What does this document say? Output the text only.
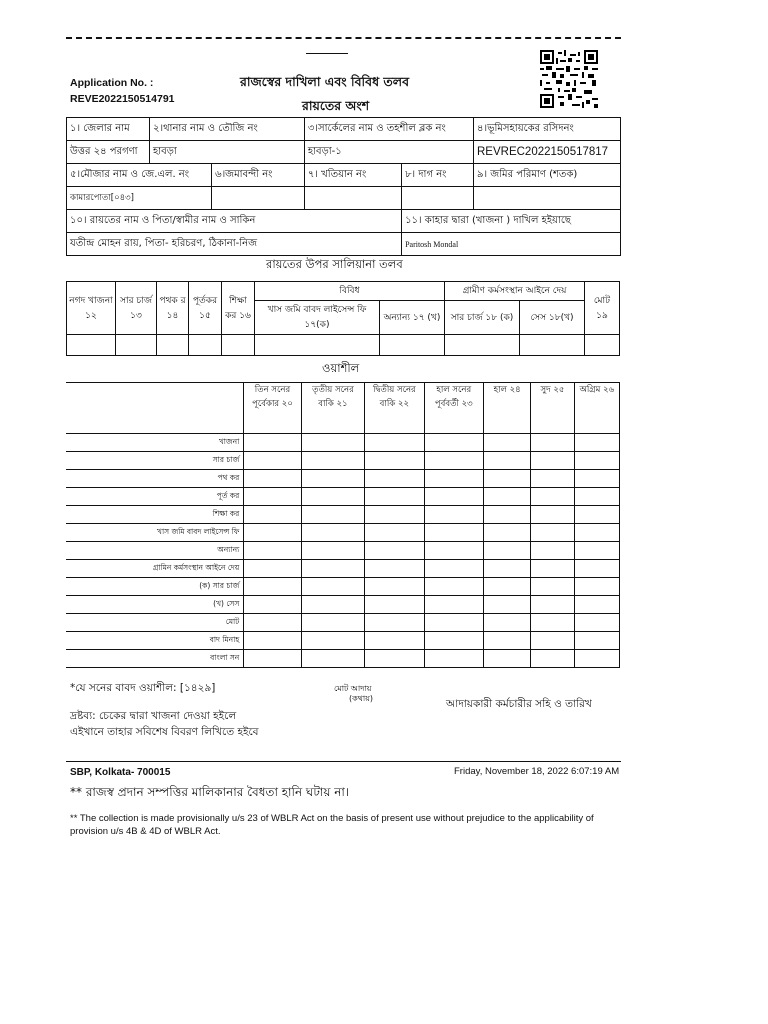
Application No. :
REVE2022150514791
রাজস্বের দাখিলা এবং বিবিধ তলব
রায়তের অংশ
১। জেলার নাম	২।থানার নাম ও তৌজি নং		৩।সার্কেলের নাম ও তহশীল ব্লক নং		৪।ভূমিসহায়কের রসিদনং
উত্তর ২৪ পরগণা	হাবড়া		হাবড়া-১		REVREC2022150517817
৫।মৌজার নাম ও জে.এল. নং		৬।জমাবন্দী নং	৭। খতিয়ান নং	৮। দাগ নং	৯। জমির পরিমাণ (শতক)
কামারপোতা[০৪৩]					
১০। রায়তের নাম ও পিতা/স্বামীর নাম ও সাকিন				১১। কাহার দ্বারা (খাজনা ) দাখিল হইয়াছে	
যতীন্দ্র মোহন রায়, পিতা- হরিচরণ, ঠিকানা-নিজ				Paritosh Mondal	
রায়তের উপর সালিয়ানা তলব
নগদ খাজনা ১২	সার চার্জ ১৩	পথক র ১৪	পূর্তকর ১৫	শিক্ষা কর ১৬	বিবিধ		গ্রামীণ কর্মসংস্থান আইনে দেয়		মোট ১৯
					খাস জমি বাবদ লাইসেন্স ফি ১৭(ক)	অন্যান্য ১৭ (খ)	সার চার্জ ১৮ (ক)	সেস ১৮(খ)	

ওয়াশীল
	তিন সনের পূর্বেকার ২০	তৃতীয় সনের বাকি ২১	দ্বিতীয় সনের বাকি ২২	হাল সনের পূর্ববর্তী ২৩	হাল ২৪	সুদ ২৫	অগ্রিম ২৬
খাজনা							
সার চার্জ							
পথ কর							
পূর্ত কর							
শিক্ষা কর							
খাস জমি বাবদ লাইসেন্স ফি							
অন্যান্য							
গ্রামিন কর্মসংস্থান আইনে দেয়							
(ক) সার চার্জ							
(খ) সেস							
মোট							
বাদ মিনাহ							
বাংলা সন							
*যে সনের বাবদ ওয়াশীল: [১৪২৯]	মোট আদায়
(কথায়)	আদায়কারী কর্মচারীর সহি ও তারিখ
দ্রষ্টব্য: চেকের দ্বারা খাজনা দেওয়া হইলে এইখানে তাহার সবিশেষ বিবরণ লিখিতে হইবে
SBP, Kolkata- 700015	Friday, November 18, 2022 6:07:19 AM
** রাজস্ব প্রদান সম্পত্তির মালিকানার বৈধতা হানি ঘটায় না।
** The collection is made provisionally u/s 23 of WBLR Act on the basis of present use without prejudice to the applicability of provision u/s 4B & 4D of WBLR Act.
